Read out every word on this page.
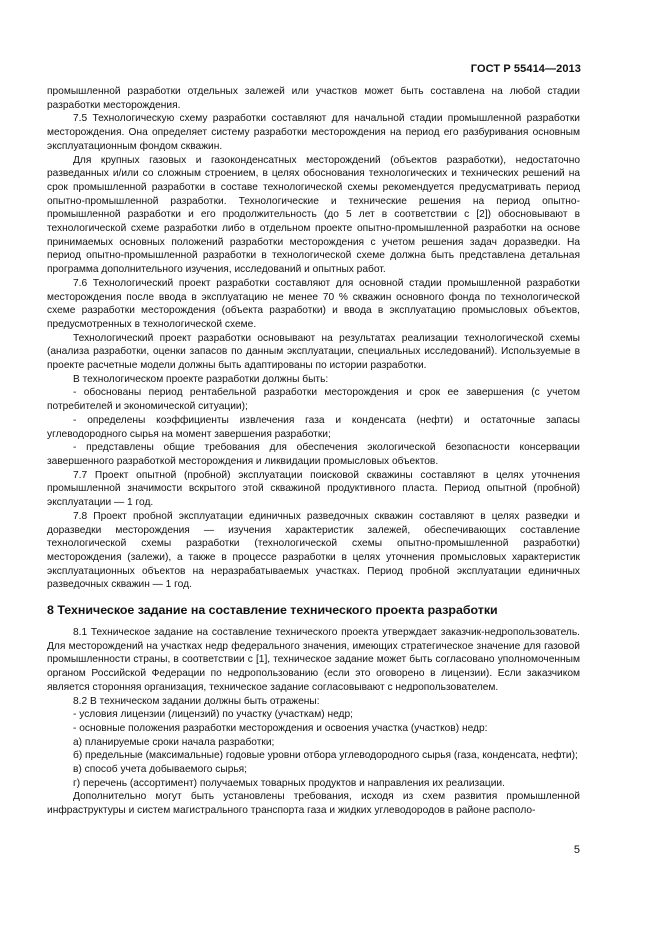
ГОСТ Р 55414—2013

промышленной разработки отдельных залежей или участков может быть составлена на любой стадии разработки месторождения.

7.5 Технологическую схему разработки составляют для начальной стадии промышленной разработки месторождения. Она определяет систему разработки месторождения на период его разбуривания основным эксплуатационным фондом скважин.

Для крупных газовых и газоконденсатных месторождений (объектов разработки), недостаточно разведанных и/или со сложным строением, в целях обоснования технологических и технических решений на срок промышленной разработки в составе технологической схемы рекомендуется предусматривать период опытно-промышленной разработки. Технологические и технические решения на период опытно-промышленной разработки и его продолжительность (до 5 лет в соответствии с [2]) обосновывают в технологической схеме разработки либо в отдельном проекте опытно-промышленной разработки на основе принимаемых основных положений разработки месторождения с учетом решения задач доразведки. На период опытно-промышленной разработки в технологической схеме должна быть представлена детальная программа дополнительного изучения, исследований и опытных работ.

7.6 Технологический проект разработки составляют для основной стадии промышленной разработки месторождения после ввода в эксплуатацию не менее 70 % скважин основного фонда по технологической схеме разработки месторождения (объекта разработки) и ввода в эксплуатацию промысловых объектов, предусмотренных в технологической схеме.

Технологический проект разработки основывают на результатах реализации технологической схемы (анализа разработки, оценки запасов по данным эксплуатации, специальных исследований). Используемые в проекте расчетные модели должны быть адаптированы по истории разработки.

В технологическом проекте разработки должны быть:

- обоснованы период рентабельной разработки месторождения и срок ее завершения (с учетом потребителей и экономической ситуации);

- определены коэффициенты извлечения газа и конденсата (нефти) и остаточные запасы углеводородного сырья на момент завершения разработки;

- представлены общие требования для обеспечения экологической безопасности консервации завершенного разработкой месторождения и ликвидации промысловых объектов.

7.7 Проект опытной (пробной) эксплуатации поисковой скважины составляют в целях уточнения промышленной значимости вскрытого этой скважиной продуктивного пласта. Период опытной (пробной) эксплуатации — 1 год.

7.8 Проект пробной эксплуатации единичных разведочных скважин составляют в целях разведки и доразведки месторождения — изучения характеристик залежей, обеспечивающих составление технологической схемы разработки (технологической схемы опытно-промышленной разработки) месторождения (залежи), а также в процессе разработки в целях уточнения промысловых характеристик эксплуатационных объектов на неразрабатываемых участках. Период пробной эксплуатации единичных разведочных скважин — 1 год.

8 Техническое задание на составление технического проекта разработки

8.1 Техническое задание на составление технического проекта утверждает заказчик-недропользователь. Для месторождений на участках недр федерального значения, имеющих стратегическое значение для газовой промышленности страны, в соответствии с [1], техническое задание может быть согласовано уполномоченным органом Российской Федерации по недропользованию (если это оговорено в лицензии). Если заказчиком является сторонняя организация, техническое задание согласовывают с недропользователем.

8.2 В техническом задании должны быть отражены:

- условия лицензии (лицензий) по участку (участкам) недр;

- основные положения разработки месторождения и освоения участка (участков) недр:

а) планируемые сроки начала разработки;

б) предельные (максимальные) годовые уровни отбора углеводородного сырья (газа, конденсата, нефти);

в) способ учета добываемого сырья;

г) перечень (ассортимент) получаемых товарных продуктов и направления их реализации.

Дополнительно могут быть установлены требования, исходя из схем развития промышленной инфраструктуры и систем магистрального транспорта газа и жидких углеводородов в районе располо-

5
